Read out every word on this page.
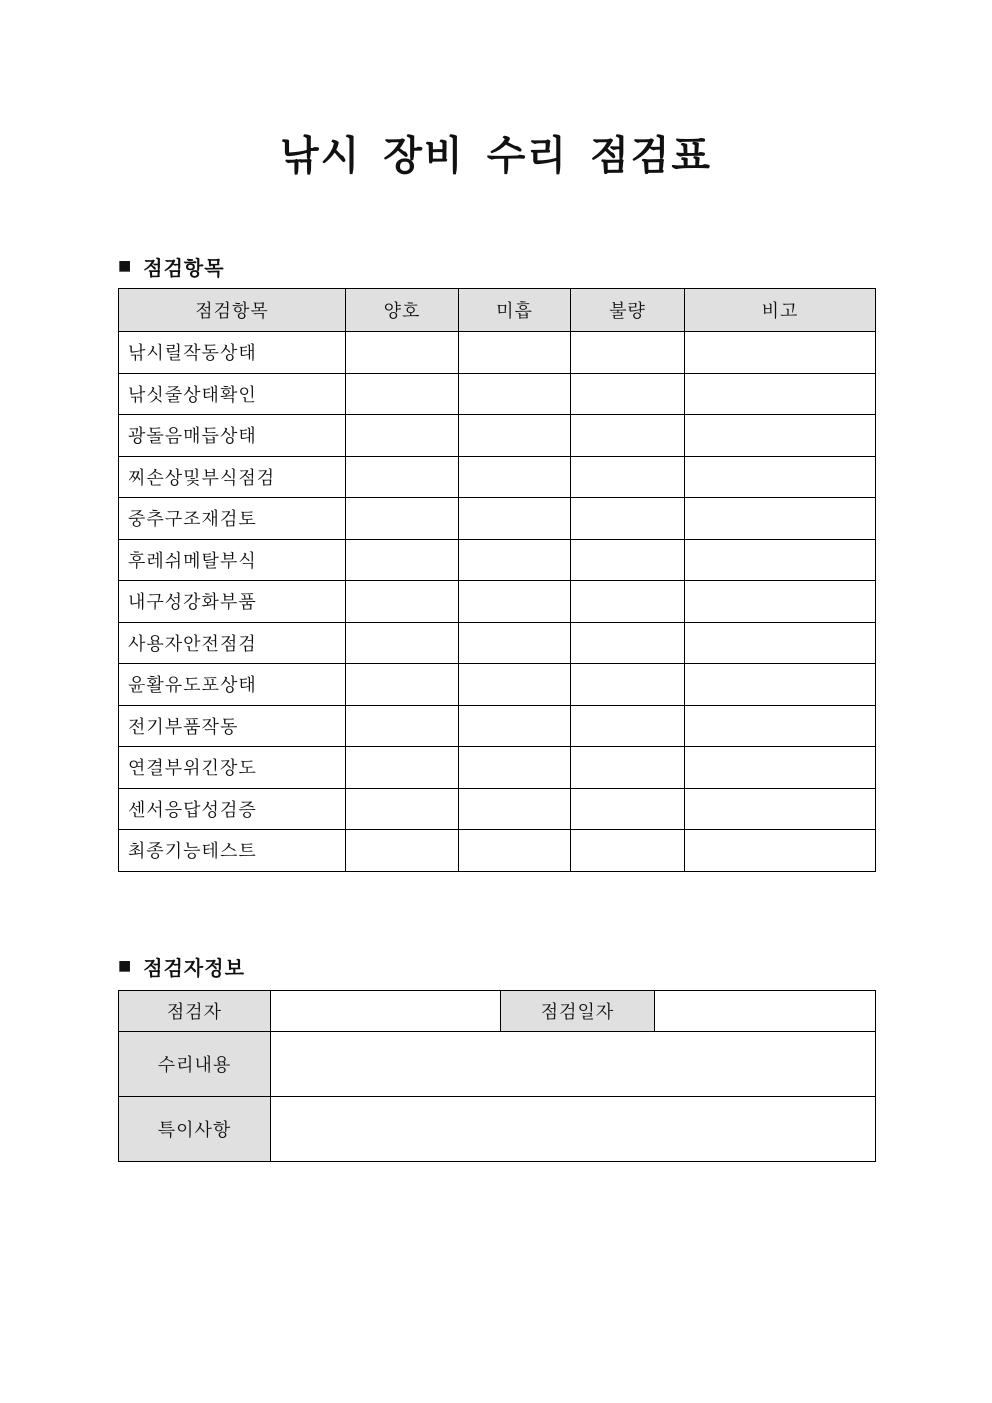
낚시 장비 수리 점검표
■ 점검항목
점검항목	양호	미흡	불량	비고
낚시릴작동상태				
낚싯줄상태확인				
광돌음매듭상태				
찌손상및부식점검				
중추구조재검토				
후레쉬메탈부식				
내구성강화부품				
사용자안전점검				
윤활유도포상태				
전기부품작동				
연결부위긴장도				
센서응답성검증				
최종기능테스트				
■ 점검자정보
점검자		점검일자	
수리내용			
특이사항			
